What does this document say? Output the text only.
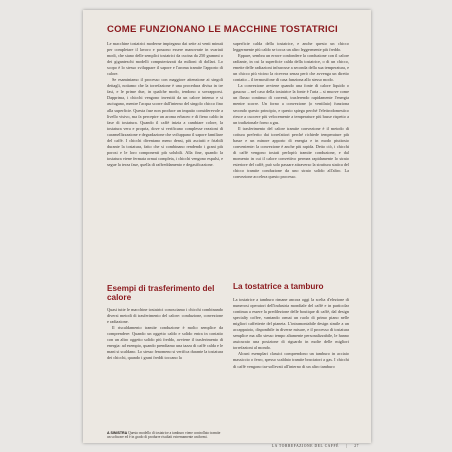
COME FUNZIONANO LE MACCHINE TOSTATRICI

Le macchine tostatrici moderne impiegano dai sette ai venti minuti per completare il lavoro e possono essere manovrate in svariati modi, che siano delle semplici tostatrici da cucina da 250 grammi o dei giganteschi modelli computerizzati da milioni di dollari. Lo scopo è lo stesso sviluppare il sapore e l'aroma tramite l'apporto di calore.

Se esaminiamo il processo con maggiore attenzione ai singoli dettagli, notiamo che la torrefazione è una procedura divisa in tre fasi, e le prime due, in qualche modo, tendono a sovrapporsi. Dapprima, i chicchi vengono investiti da un calore intenso e si asciugano, mentre l'acqua scorre dall'interno del singolo chicco fino alla superficie. Questa fase non produce un impatto considerevole a livello visivo, ma fa percepire un aroma erbaceo e di fieno caldo in fase di tostatura. Quando il caffè inizia a cambiare colore, la tostatura vera e propria, dove si verificano complesse reazioni di caramellizzazione e degradazione che sviluppano il sapore familiare del caffè. I chicchi diventano meno densi, più asciutti e friabili durante la tostatura, fatto che si combinano rendendo i grani più porosi e le loro componenti più solubili. Alla fine, quando la tostatura viene fermata ormai completa, i chicchi vengono espulsi, e segue la terza fase, quella di raffreddamento e degasificazione.

superficie calda della tostatrice, e anche questo un chicco leggermente più caldo se tocca un altro leggermente più freddo.

Eppure, sembra un errore confondere la conduzione con il calore radiante, in cui la superficie calda della tostatrice, o di un chicco, emette delle radiazioni infrarosse a seconda della sua temperatura, e un chicco più vicino la ricevera senza però che avvenga un diretto contatto – il termosifone di casa funziona allo stesso modo.

La convezione avviene quando una fonte di calore liquido o gassoso – nel caso della tostatrice la fonte è l'aria – si muove come un flusso continuo di correnti, trasferendo rapidamente l'energia mentre scorre. Un forno a convezione (o ventilato) funziona secondo questo principio, e questo spiega perché l'elettrodomestico riesce a cuocere più velocemente a temperature più basse rispetto a un tradizionale forno a gas.

Il trasferimento del calore tramite convezione è il metodo di cottura preferito dai torrefattori perché richiede temperature più basse e un minore apporto di energia e in modo piuttosto conveniente: la convezione è anche più rapida. Detto ciò, i chicchi di caffè vengono tostati perlopiù tramite conduzione, e dal momento in cui il calore convettivo permea rapidamente lo strato esteriore del caffè, può solo passare attraverso la struttura statica del chicco tramite conduzione da uno strato solido all'altro. La convezione accelera questo processo.

Esempi di trasferimento del calore

Quasi tutte le macchine tostatrici conosciamo i chicchi combinando diversi metodi di trasferimento del calore: conduzione, convezione e radiazione.

Il riscaldamento tramite conduzione è molto semplice da comprendere: Quando un oggetto caldo e solido entra in contatto con un altro oggetto solido più freddo, avviene il trasferimento di energia: ad esempio, quando prendiamo una tazza di caffè calda e le mani si scaldano. Lo stesso fenomeno si verifica durante la tostatura dei chicchi, quando i grani freddi toccano la

La tostatrice a tamburo

La tostatrice a tamburo rimane ancora oggi la scelta d'elezione di numerosi operatori dell'industria mondiale del caffè e in particolar continua a essere la predilezione delle boutique di caffè, dal design specialty coffee, vantando ormai un ruolo di primo piano nelle migliori caffetterie del pianeta. L'intramontabile design simile a un accappatoio, disponibile in diverse misure, e il processo di tostatura semplice ma allo stesso tempo altamente personalizzabile, le hanno assicurato una posizione di riguardo in molte delle migliori torrefazioni al mondo.

Alcuni esemplari classici comprendono un tamburo in acciaio massiccio o ferro, spesso scaldato tramite bruciatori a gas. I chicchi di caffè vengono tra-sollevati all'interno di un altro tamburo

A SINISTRA Questo modello di tostatrice a tamburo viene controllato tramite un software ed è in grado di produrre risultati estremamente uniformi.
LA TORREFAZIONE DEL CAFFÈ | 27
